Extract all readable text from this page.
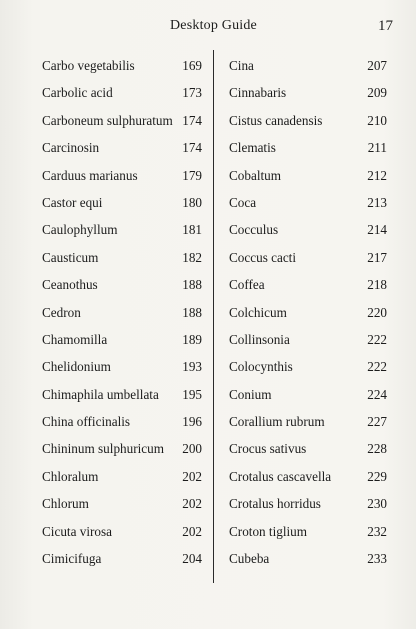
Desktop Guide	17
Carbo vegetabilis	169
Carbolic acid	173
Carboneum sulphuratum 174
Carcinosin	174
Carduus marianus	179
Castor equi	180
Caulophyllum	181
Causticum	182
Ceanothus	188
Cedron	188
Chamomilla	189
Chelidonium	193
Chimaphila umbellata 195
China officinalis	196
Chininum sulphuricum 200
Chloralum	202
Chlorum	202
Cicuta virosa	202
Cimicifuga	204
Cina	207
Cinnabaris	209
Cistus canadensis	210
Clematis	211
Cobaltum	212
Coca	213
Cocculus	214
Coccus cacti	217
Coffea	218
Colchicum	220
Collinsonia	222
Colocynthis	222
Conium	224
Corallium rubrum	227
Crocus sativus	228
Crotalus cascavella	229
Crotalus horridus	230
Croton tiglium	232
Cubeba	233
